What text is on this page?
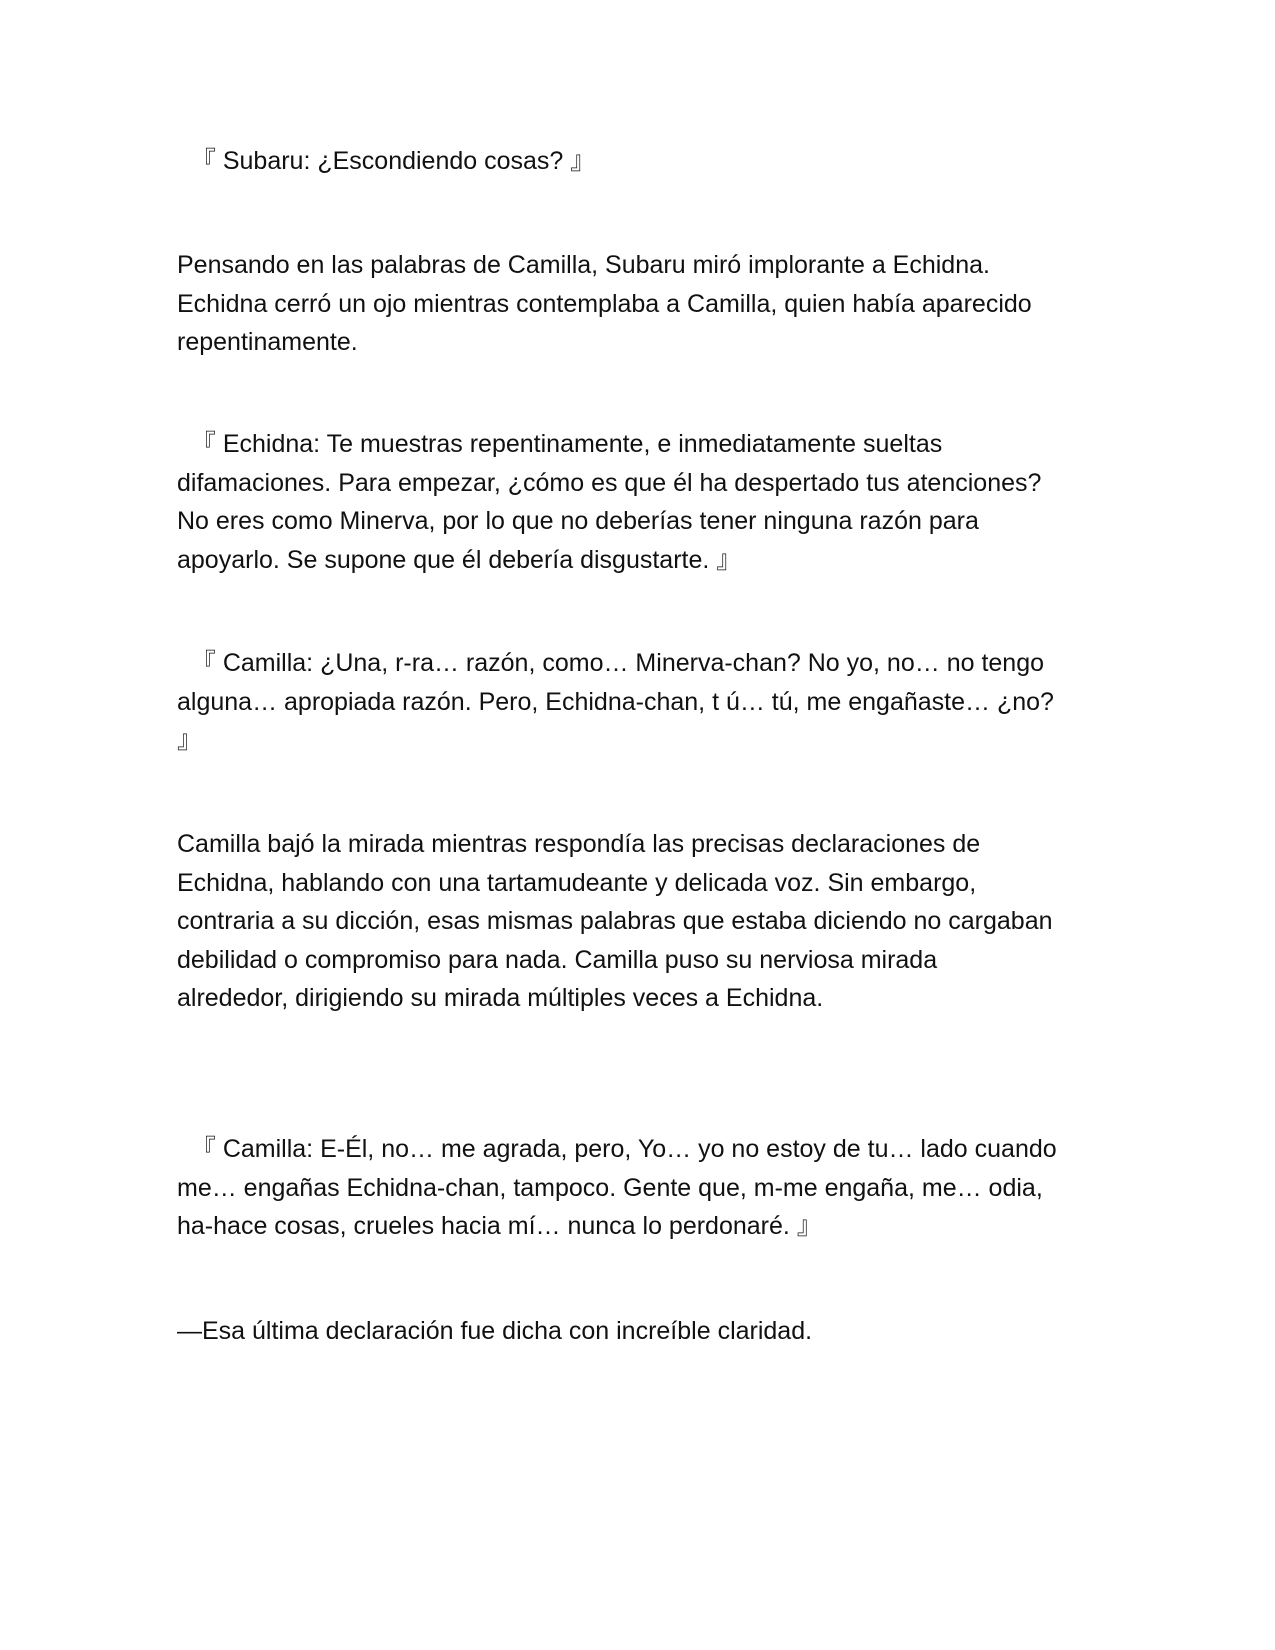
『 Subaru: ¿Escondiendo cosas? 』

Pensando en las palabras de Camilla, Subaru miró implorante a Echidna.
Echidna cerró un ojo mientras contemplaba a Camilla, quien había aparecido
repentinamente.

『 Echidna: Te muestras repentinamente, e inmediatamente sueltas
difamaciones. Para empezar, ¿cómo es que él ha despertado tus atenciones?
No eres como Minerva, por lo que no deberías tener ninguna razón para
apoyarlo. Se supone que él debería disgustarte. 』

『 Camilla: ¿Una, r-ra… razón, como… Minerva-chan? No yo, no… no tengo
alguna… apropiada razón. Pero, Echidna-chan, t ú… tú, me engañaste… ¿no?
』

Camilla bajó la mirada mientras respondía las precisas declaraciones de
Echidna, hablando con una tartamudeante y delicada voz. Sin embargo,
contraria a su dicción, esas mismas palabras que estaba diciendo no cargaban
debilidad o compromiso para nada. Camilla puso su nerviosa mirada
alrededor, dirigiendo su mirada múltiples veces a Echidna.

『 Camilla: E-Él, no… me agrada, pero, Yo… yo no estoy de tu… lado cuando
me… engañas Echidna-chan, tampoco. Gente que, m-me engaña, me… odia,
ha-hace cosas, crueles hacia mí… nunca lo perdonaré. 』

—Esa última declaración fue dicha con increíble claridad.
